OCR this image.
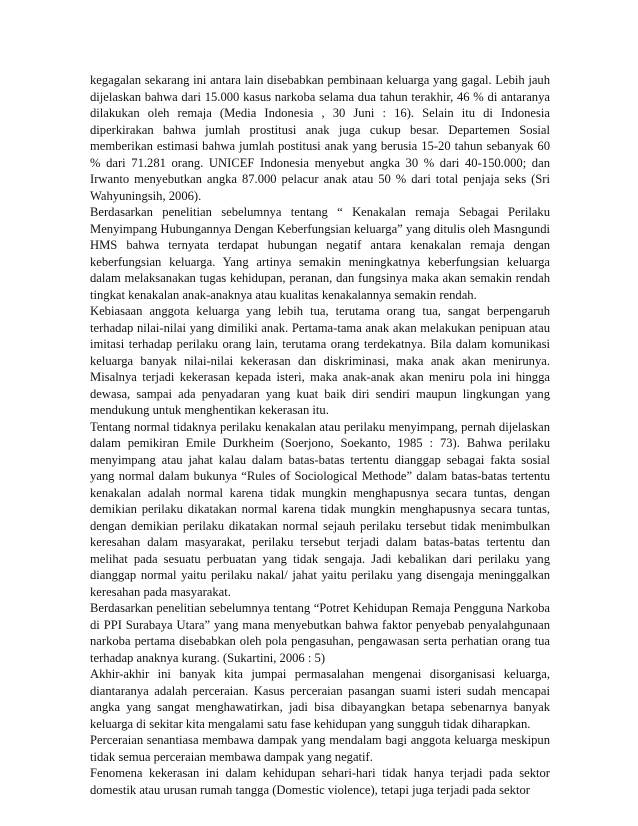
kegagalan sekarang ini antara lain disebabkan pembinaan keluarga yang gagal. Lebih jauh dijelaskan bahwa dari 15.000 kasus narkoba selama dua tahun terakhir, 46 % di antaranya dilakukan oleh remaja (Media Indonesia , 30 Juni : 16). Selain itu di Indonesia diperkirakan bahwa jumlah prostitusi anak juga cukup besar. Departemen Sosial memberikan estimasi bahwa jumlah postitusi anak yang berusia 15-20 tahun sebanyak 60 % dari 71.281 orang. UNICEF Indonesia menyebut angka 30 % dari 40-150.000; dan Irwanto menyebutkan angka 87.000 pelacur anak atau 50 % dari total penjaja seks (Sri Wahyuningsih, 2006).

Berdasarkan penelitian sebelumnya tentang “ Kenakalan remaja Sebagai Perilaku Menyimpang Hubungannya Dengan Keberfungsian keluarga” yang ditulis oleh Masngundi HMS bahwa ternyata terdapat hubungan negatif antara kenakalan remaja dengan keberfungsian keluarga. Yang artinya semakin meningkatnya keberfungsian keluarga dalam melaksanakan tugas kehidupan, peranan, dan fungsinya maka akan semakin rendah tingkat kenakalan anak-anaknya atau kualitas kenakalannya semakin rendah.

Kebiasaan anggota keluarga yang lebih tua, terutama orang tua, sangat berpengaruh terhadap nilai-nilai yang dimiliki anak. Pertama-tama anak akan melakukan penipuan atau imitasi terhadap perilaku orang lain, terutama orang terdekatnya. Bila dalam komunikasi keluarga banyak nilai-nilai kekerasan dan diskriminasi, maka anak akan menirunya. Misalnya terjadi kekerasan kepada isteri, maka anak-anak akan meniru pola ini hingga dewasa, sampai ada penyadaran yang kuat baik diri sendiri maupun lingkungan yang mendukung untuk menghentikan kekerasan itu.

Tentang normal tidaknya perilaku kenakalan atau perilaku menyimpang, pernah dijelaskan dalam pemikiran Emile Durkheim (Soerjono, Soekanto, 1985 : 73). Bahwa perilaku menyimpang atau jahat kalau dalam batas-batas tertentu dianggap sebagai fakta sosial yang normal dalam bukunya “Rules of Sociological Methode” dalam batas-batas tertentu kenakalan adalah normal karena tidak mungkin menghapusnya secara tuntas, dengan demikian perilaku dikatakan normal karena tidak mungkin menghapusnya secara tuntas, dengan demikian perilaku dikatakan normal sejauh perilaku tersebut tidak menimbulkan keresahan dalam masyarakat, perilaku tersebut terjadi dalam batas-batas tertentu dan melihat pada sesuatu perbuatan yang tidak sengaja. Jadi kebalikan dari perilaku yang dianggap normal yaitu perilaku nakal/ jahat yaitu perilaku yang disengaja meninggalkan keresahan pada masyarakat.

Berdasarkan penelitian sebelumnya tentang “Potret Kehidupan Remaja Pengguna Narkoba di PPI Surabaya Utara” yang mana menyebutkan bahwa faktor penyebab penyalahgunaan narkoba pertama disebabkan oleh pola pengasuhan, pengawasan serta perhatian orang tua terhadap anaknya kurang. (Sukartini, 2006 : 5)

Akhir-akhir ini banyak kita jumpai permasalahan mengenai disorganisasi keluarga, diantaranya adalah perceraian. Kasus perceraian pasangan suami isteri sudah mencapai angka yang sangat menghawatirkan, jadi bisa dibayangkan betapa sebenarnya banyak keluarga di sekitar kita mengalami satu fase kehidupan yang sungguh tidak diharapkan.

Perceraian senantiasa membawa dampak yang mendalam bagi anggota keluarga meskipun tidak semua perceraian membawa dampak yang negatif.

Fenomena kekerasan ini dalam kehidupan sehari-hari tidak hanya terjadi pada sektor domestik atau urusan rumah tangga (Domestic violence), tetapi juga terjadi pada sektor
